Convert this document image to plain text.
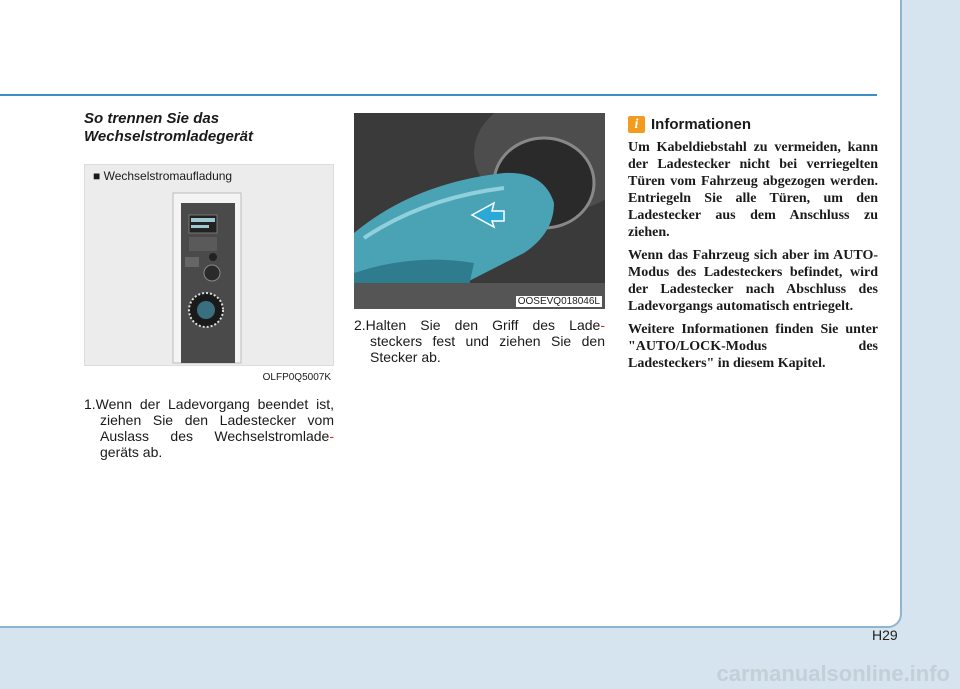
So trennen Sie das
Wechselstromladegerät

■ Wechselstromaufladung
OLFP0Q5007K

1.Wenn der Ladevorgang beendet ist, ziehen Sie den Ladestecker vom Auslass des Wechselstromlade- geräts ab.

OOSEVQ018046L

2.Halten Sie den Griff des Lade- steckers fest und ziehen Sie den Stecker ab.

i Informationen

Um Kabeldiebstahl zu vermeiden, kann der Ladestecker nicht bei verriegelten Türen vom Fahrzeug abgezogen werden. Entriegeln Sie alle Türen, um den Ladestecker aus dem Anschluss zu ziehen.

Wenn das Fahrzeug sich aber im AUTO-Modus des Ladesteckers befindet, wird der Ladestecker nach Abschluss des Ladevorgangs automatisch entriegelt.

Weitere Informationen finden Sie unter "AUTO/LOCK-Modus des Ladesteckers" in diesem Kapitel.

H29
carmanualsonline.info
